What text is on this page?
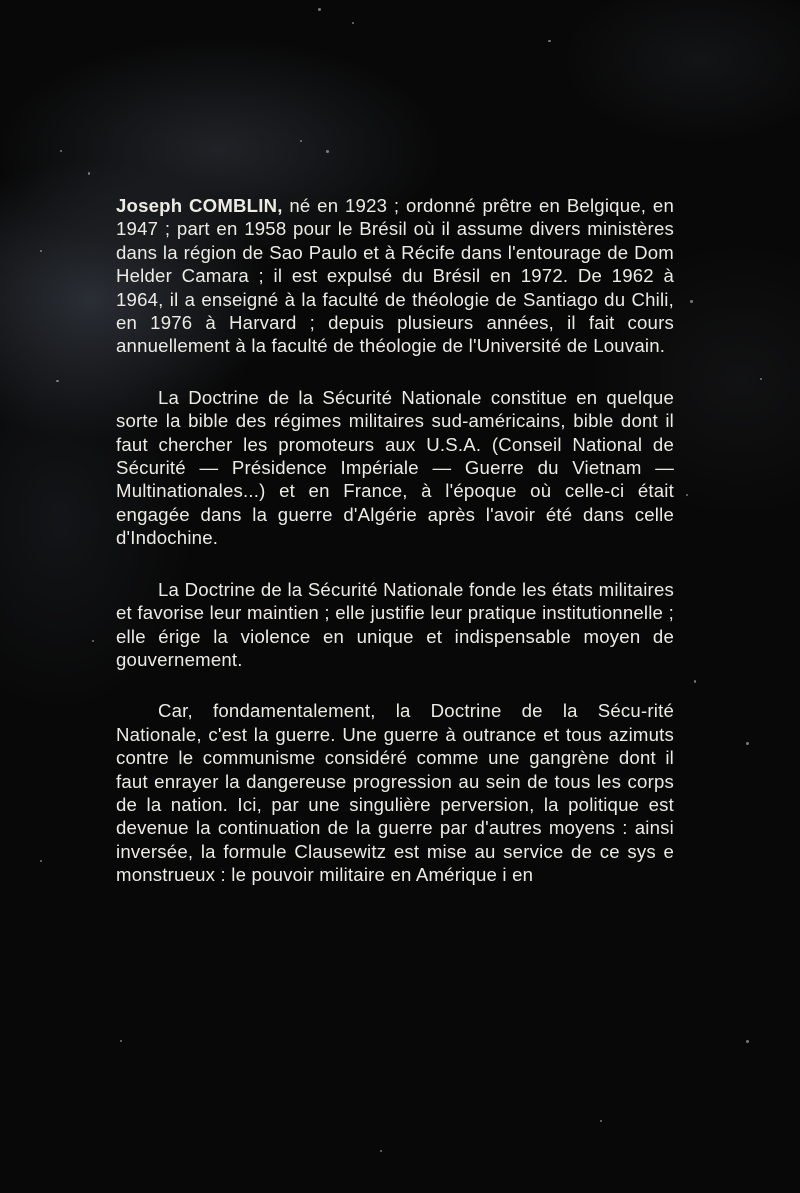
Joseph COMBLIN, né en 1923 ; ordonné prêtre en Belgique, en 1947 ; part en 1958 pour le Brésil où il assume divers ministères dans la région de Sao Paulo et à Récife dans l'entourage de Dom Helder Camara ; il est expulsé du Brésil en 1972. De 1962 à 1964, il a enseigné à la faculté de théologie de Santiago du Chili, en 1976 à Harvard ; depuis plusieurs années, il fait cours annuellement à la faculté de théologie de l'Université de Louvain.

La Doctrine de la Sécurité Nationale constitue en quelque sorte la bible des régimes militaires sud-américains, bible dont il faut chercher les promoteurs aux U.S.A. (Conseil National de Sécurité — Présidence Impériale — Guerre du Vietnam — Multinationales...) et en France, à l'époque où celle-ci était engagée dans la guerre d'Algérie après l'avoir été dans celle d'Indochine.

La Doctrine de la Sécurité Nationale fonde les états militaires et favorise leur maintien ; elle justifie leur pratique institutionnelle ; elle érige la violence en unique et indispensable moyen de gouvernement.

Car, fondamentalement, la Doctrine de la Sécu-rité Nationale, c'est la guerre. Une guerre à outrance et tous azimuts contre le communisme considéré comme une gangrène dont il faut enrayer la dangereuse progression au sein de tous les corps de la nation. Ici, par une singulière perversion, la politique est devenue la continuation de la guerre par d'autres moyens : ainsi inversée, la formule Clausewitz est mise au service de ce sys e monstrueux : le pouvoir militaire en Amérique i en
